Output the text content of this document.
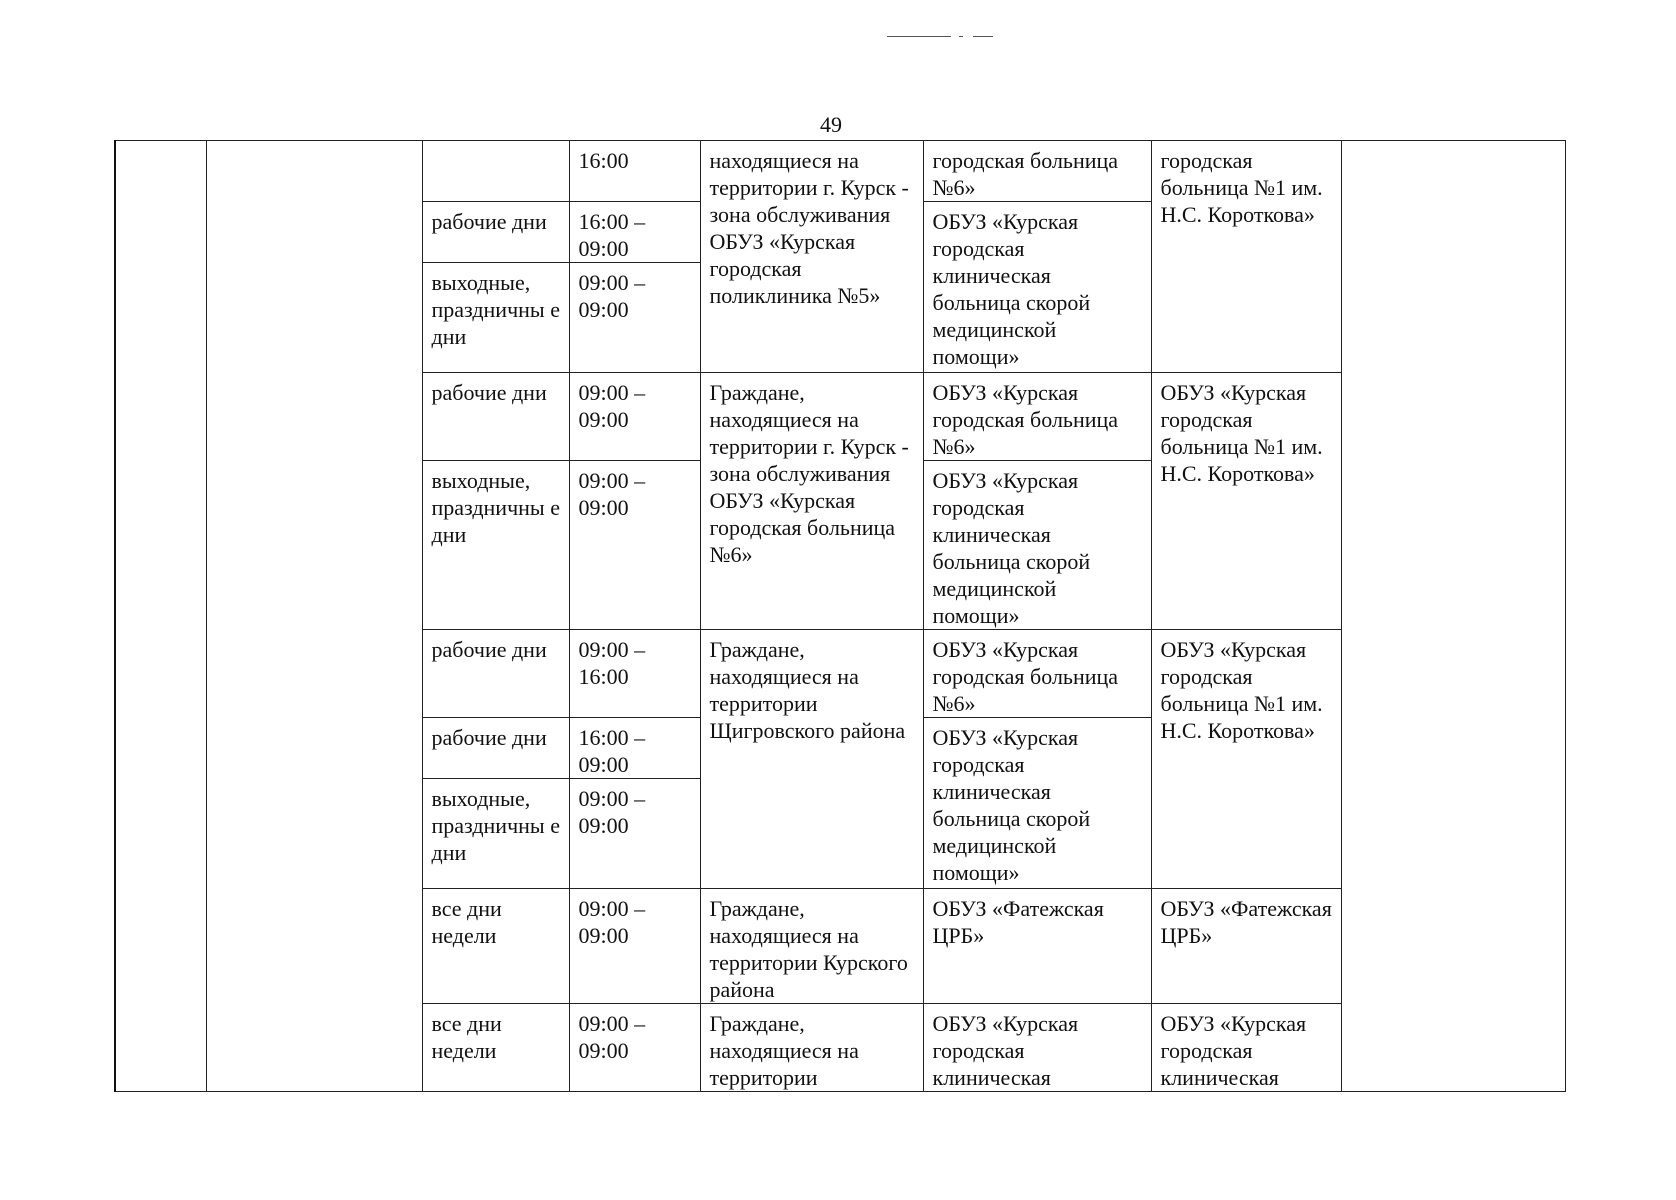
49
			16:00	находящиеся на территории г. Курск - зона обслуживания ОБУЗ «Курская городская поликлиника №5»	городская больница №6»	городская больница №1 им. Н.С. Короткова»	
		рабочие дни	16:00 – 09:00		ОБУЗ «Курская городская клиническая больница скорой медицинской помощи»		
		выходные, праздничны е дни	09:00 – 09:00				
		рабочие дни	09:00 – 09:00	Граждане, находящиеся на территории г. Курск - зона обслуживания ОБУЗ «Курская городская больница №6»	ОБУЗ «Курская городская больница №6»	ОБУЗ «Курская городская больница №1 им. Н.С. Короткова»	
		выходные, праздничны е дни	09:00 – 09:00		ОБУЗ «Курская городская клиническая больница скорой медицинской помощи»		
		рабочие дни	09:00 – 16:00	Граждане, находящиеся на территории Щигровского района	ОБУЗ «Курская городская больница №6»	ОБУЗ «Курская городская больница №1 им. Н.С. Короткова»	
		рабочие дни	16:00 – 09:00		ОБУЗ «Курская городская клиническая больница скорой медицинской помощи»		
		выходные, праздничны е дни	09:00 – 09:00				
		все дни недели	09:00 – 09:00	Граждане, находящиеся на территории Курского района	ОБУЗ «Фатежская ЦРБ»	ОБУЗ «Фатежская ЦРБ»	
		все дни недели	09:00 – 09:00	Граждане, находящиеся на территории	ОБУЗ «Курская городская клиническая	ОБУЗ «Курская городская клиническая	
